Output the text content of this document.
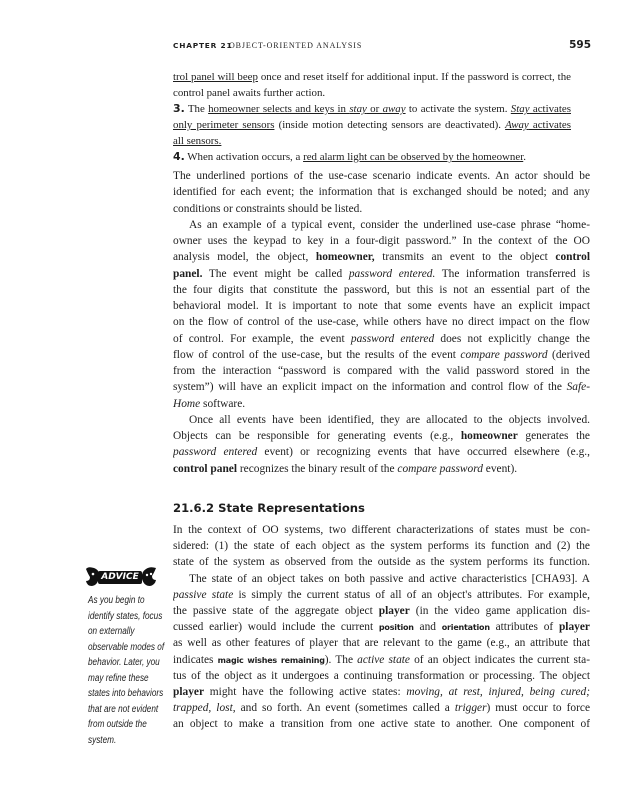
CHAPTER 21
OBJECT-ORIENTED ANALYSIS	595
trol panel will beep once and reset itself for additional input. If the password is correct, the
control panel awaits further action.
3. The homeowner selects and keys in stay or away to activate the system. Stay activates
only perimeter sensors (inside motion detecting sensors are deactivated). Away activates
all sensors.
4. When activation occurs, a red alarm light can be observed by the homeowner.
The underlined portions of the use-case scenario indicate events. An actor should be
identified for each event; the information that is exchanged should be noted; and any
conditions or constraints should be listed.
As an example of a typical event, consider the underlined use-case phrase “home-
owner uses the keypad to key in a four-digit password.” In the context of the OO
analysis model, the object, homeowner, transmits an event to the object control
panel. The event might be called password entered. The information transferred is
the four digits that constitute the password, but this is not an essential part of the
behavioral model. It is important to note that some events have an explicit impact
on the flow of control of the use-case, while others have no direct impact on the flow
of control. For example, the event password entered does not explicitly change the
flow of control of the use-case, but the results of the event compare password (derived
from the interaction “password is compared with the valid password stored in the
system”) will have an explicit impact on the information and control flow of the Safe-
Home software.
Once all events have been identified, they are allocated to the objects involved.
Objects can be responsible for generating events (e.g., homeowner generates the
password entered event) or recognizing events that have occurred elsewhere (e.g.,
control panel recognizes the binary result of the compare password event).
21.6.2 State Representations
In the context of OO systems, two different characterizations of states must be con-
sidered: (1) the state of each object as the system performs its function and (2) the
state of the system as observed from the outside as the system performs its function.
The state of an object takes on both passive and active characteristics [CHA93]. A
passive state is simply the current status of all of an object's attributes. For example,
the passive state of the aggregate object player (in the video game application dis-
cussed earlier) would include the current position and orientation attributes of player
as well as other features of player that are relevant to the game (e.g., an attribute that
indicates magic wishes remaining). The active state of an object indicates the current sta-
tus of the object as it undergoes a continuing transformation or processing. The object
player might have the following active states: moving, at rest, injured, being cured;
trapped, lost, and so forth. An event (sometimes called a trigger) must occur to force
an object to make a transition from one active state to another. One component of
ADVICE
As you begin to
identify states, focus
on externally
observable modes of
behavior. Later, you
may refine these
states into behaviors
that are not evident
from outside the
system.
